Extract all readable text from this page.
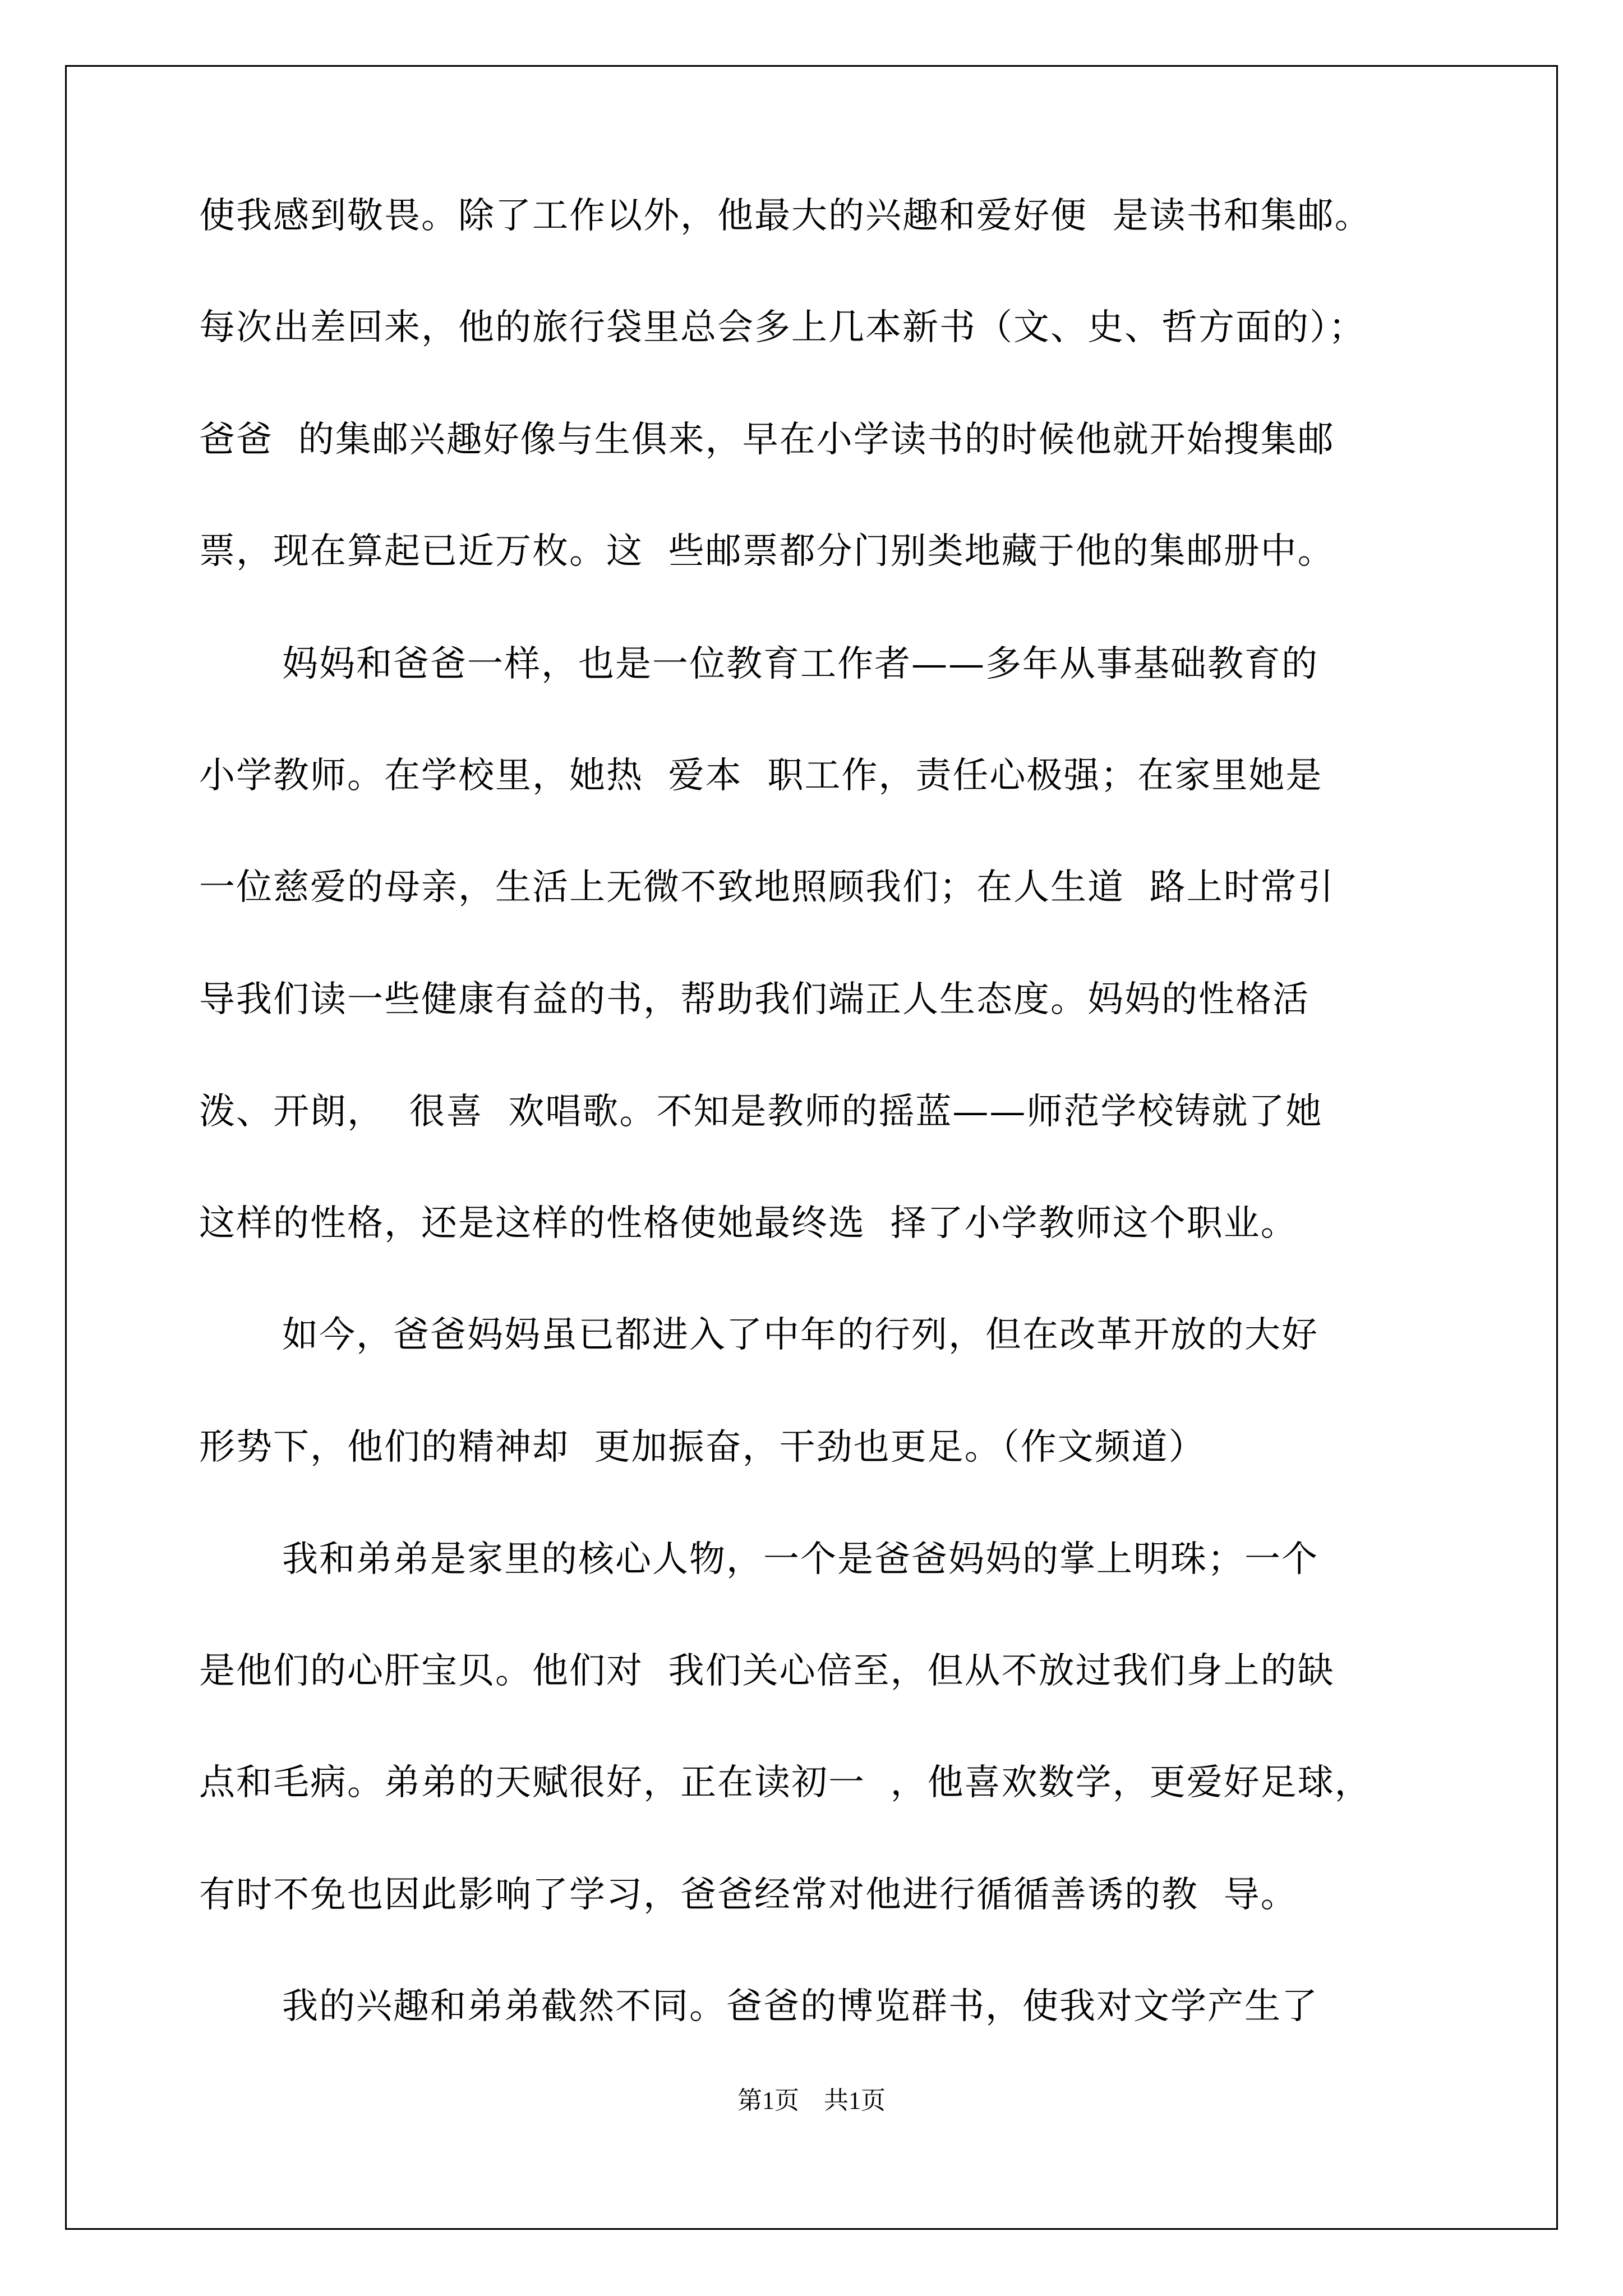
使我感到敬畏。除了工作以外，他最大的兴趣和爱好便  是读书和集邮。
每次出差回来，他的旅行袋里总会多上几本新书（文、史、哲方面的）；
爸爸  的集邮兴趣好像与生俱来，早在小学读书的时候他就开始搜集邮
票，现在算起已近万枚。这  些邮票都分门别类地藏于他的集邮册中。
妈妈和爸爸一样，也是一位教育工作者——多年从事基础教育的
小学教师。在学校里，她热  爱本  职工作，责任心极强；在家里她是
一位慈爱的母亲，生活上无微不致地照顾我们；在人生道  路上时常引
导我们读一些健康有益的书，帮助我们端正人生态度。妈妈的性格活
泼、开朗，  很喜  欢唱歌。不知是教师的摇蓝——师范学校铸就了她
这样的性格，还是这样的性格使她最终选  择了小学教师这个职业。
如今，爸爸妈妈虽已都进入了中年的行列，但在改革开放的大好
形势下，他们的精神却  更加振奋，干劲也更足。（作文频道）
我和弟弟是家里的核心人物，一个是爸爸妈妈的掌上明珠；一个
是他们的心肝宝贝。他们对  我们关心倍至，但从不放过我们身上的缺
点和毛病。弟弟的天赋很好，正在读初一  ，他喜欢数学，更爱好足球，
有时不免也因此影响了学习，爸爸经常对他进行循循善诱的教  导。
我的兴趣和弟弟截然不同。爸爸的博览群书，使我对文学产生了
第1页    共1页
